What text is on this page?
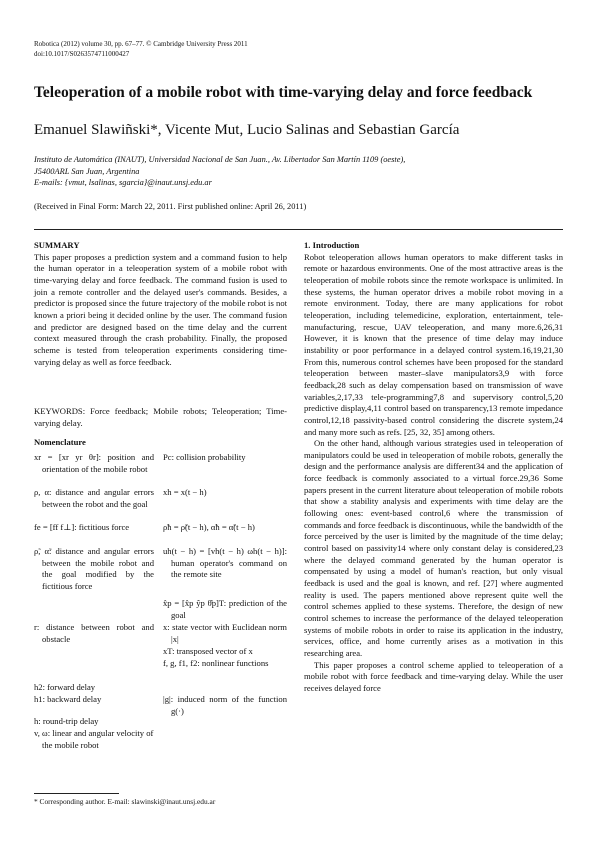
Robotica (2012) volume 30, pp. 67–77. © Cambridge University Press 2011
doi:10.1017/S0263574711000427
Teleoperation of a mobile robot with time-varying delay and force feedback
Emanuel Slawiñski*, Vicente Mut, Lucio Salinas and Sebastian García
Instituto de Automática (INAUT), Universidad Nacional de San Juan., Av. Libertador San Martín 1109 (oeste),
J5400ARL San Juan, Argentina
E-mails: {vmut, lsalinas, sgarcia}@inaut.unsj.edu.ar
(Received in Final Form: March 22, 2011. First published online: April 26, 2011)
SUMMARY

This paper proposes a prediction system and a command fusion to help the human operator in a teleoperation system of a mobile robot with time-varying delay and force feedback. The command fusion is used to join a remote controller and the delayed user's commands. Besides, a predictor is proposed since the future trajectory of the mobile robot is not known a priori being it decided online by the user. The command fusion and predictor are designed based on the time delay and the current context measured through the crash probability. Finally, the proposed scheme is tested from teleoperation experiments considering time-varying delay as well as force feedback.

KEYWORDS: Force feedback; Mobile robots; Teleoperation; Time-varying delay.
Nomenclature
xr = [xr yr θr]: position and orientation of the mobile robot
ρ, α: distance and angular errors between the robot and the goal
fe = [ff f⊥]: fictitious force
ρ̃, α̃: distance and angular errors between the mobile robot and the goal modified by the fictitious force
r: distance between robot and obstacle
h2: forward delay
h1: backward delay
h: round-trip delay
v, ω: linear and angular velocity of the mobile robot
Pc: collision probability
xh = x(t − h)
ρ̃h = ρ̃(t − h), α̃h = α̃(t − h)
uh(t − h) = [vh(t − h) ωh(t − h)]: human operator's command on the remote site
x̂p = [x̂p ŷp θ̂p]T: prediction of the goal
x: state vector with Euclidean norm |x|
xT: transposed vector of x
f, g, f1, f2: nonlinear functions
|g|: induced norm of the function g(·)
1. Introduction

Robot teleoperation allows human operators to make different tasks in remote or hazardous environments. One of the most attractive areas is the teleoperation of mobile robots since the remote workspace is unlimited. In these systems, the human operator drives a mobile robot moving in a remote environment. Today, there are many applications for robot teleoperation, including telemedicine, exploration, entertainment, tele-manufacturing, rescue, UAV teleoperation, and many more.6,26,31 However, it is known that the presence of time delay may induce instability or poor performance in a delayed control system.16,19,21,30 From this, numerous control schemes have been proposed for the standard teleoperation between master–slave manipulators3,9 with force feedback,28 such as delay compensation based on transmission of wave variables,2,17,33 tele-programming7,8 and supervisory control,5,20 predictive display,4,11 control based on transparency,13 remote impedance control,12,18 passivity-based control considering the discrete system,24 and many more such as refs. [25, 32, 35] among others.

On the other hand, although various strategies used in teleoperation of manipulators could be used in teleoperation of mobile robots, generally the design and the performance analysis are different34 and the application of force feedback is commonly associated to a virtual force.29,36 Some papers present in the current literature about teleoperation of mobile robots that show a stability analysis and experiments with time delay are the following ones: event-based control,6 where the transmission of commands and force feedback is discontinuous, while the bandwidth of the force perceived by the user is limited by the magnitude of the time delay; control based on passivity14 where only constant delay is considered,23 where the delayed command generated by the human operator is compensated by using a model of human's reaction, but only visual feedback is used and the goal is known, and ref. [27] where augmented reality is used. The papers mentioned above represent quite well the control schemes applied to these systems. Therefore, the design of new control schemes to increase the performance of the delayed teleoperation systems of mobile robots in order to raise its application in the industry, services, office, and home currently arises as a motivation in this researching area.

This paper proposes a control scheme applied to teleoperation of a mobile robot with force feedback and time-varying delay. While the user receives delayed force

* Corresponding author. E-mail: slawinski@inaut.unsj.edu.ar
